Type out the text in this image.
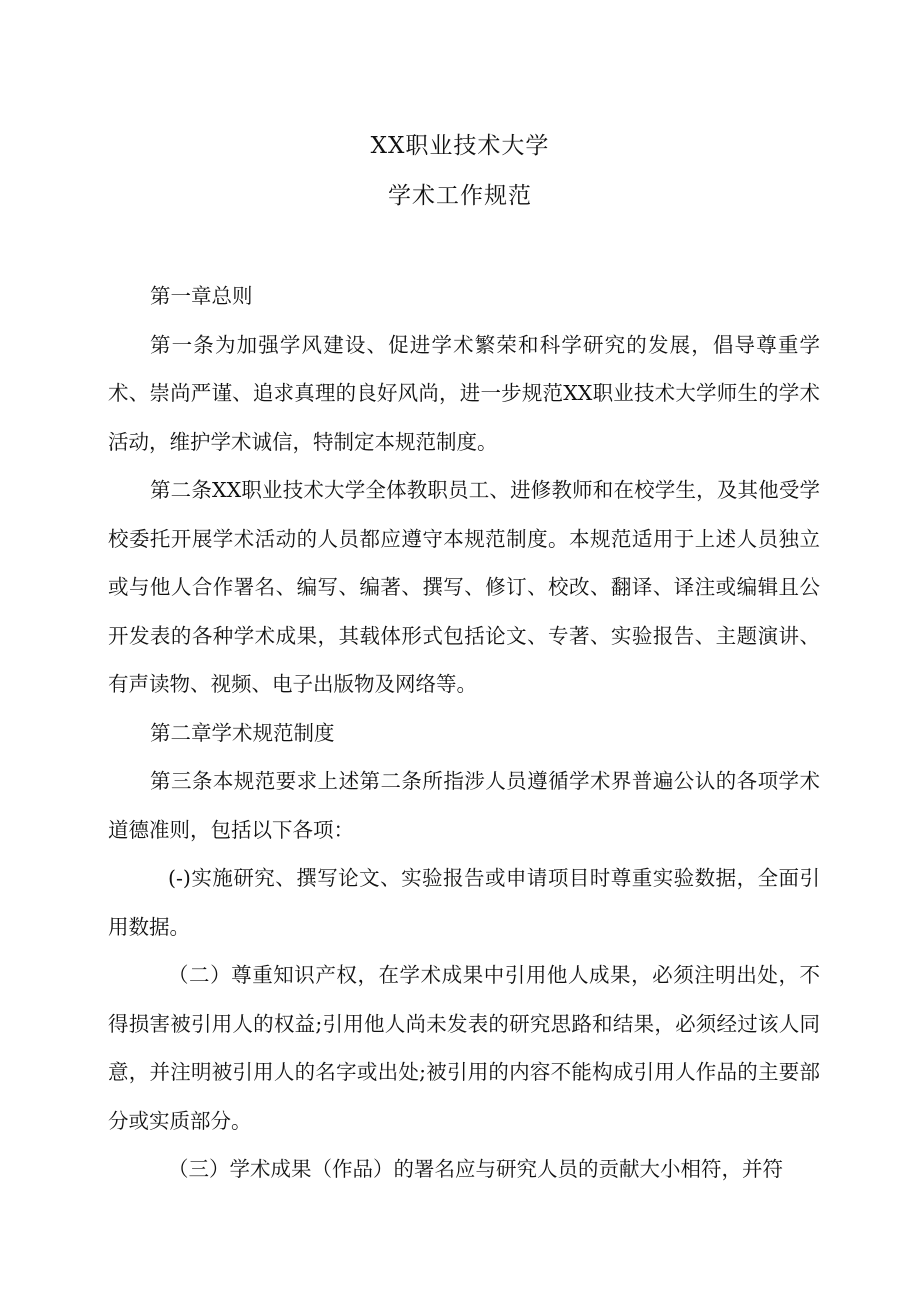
XX职业技术大学
学术工作规范

第一章总则

第一条为加强学风建设、促进学术繁荣和科学研究的发展，倡导尊重学术、崇尚严谨、追求真理的良好风尚，进一步规范XX职业技术大学师生的学术活动，维护学术诚信，特制定本规范制度。

第二条XX职业技术大学全体教职员工、进修教师和在校学生，及其他受学校委托开展学术活动的人员都应遵守本规范制度。本规范适用于上述人员独立或与他人合作署名、编写、编著、撰写、修订、校改、翻译、译注或编辑且公开发表的各种学术成果，其载体形式包括论文、专著、实验报告、主题演讲、有声读物、视频、电子出版物及网络等。

第二章学术规范制度

第三条本规范要求上述第二条所指涉人员遵循学术界普遍公认的各项学术道德准则，包括以下各项：

(-)实施研究、撰写论文、实验报告或申请项目时尊重实验数据，全面引用数据。

（二）尊重知识产权，在学术成果中引用他人成果，必须注明出处，不得损害被引用人的权益;引用他人尚未发表的研究思路和结果，必须经过该人同意，并注明被引用人的名字或出处;被引用的内容不能构成引用人作品的主要部分或实质部分。

（三）学术成果（作品）的署名应与研究人员的贡献大小相符，并符
